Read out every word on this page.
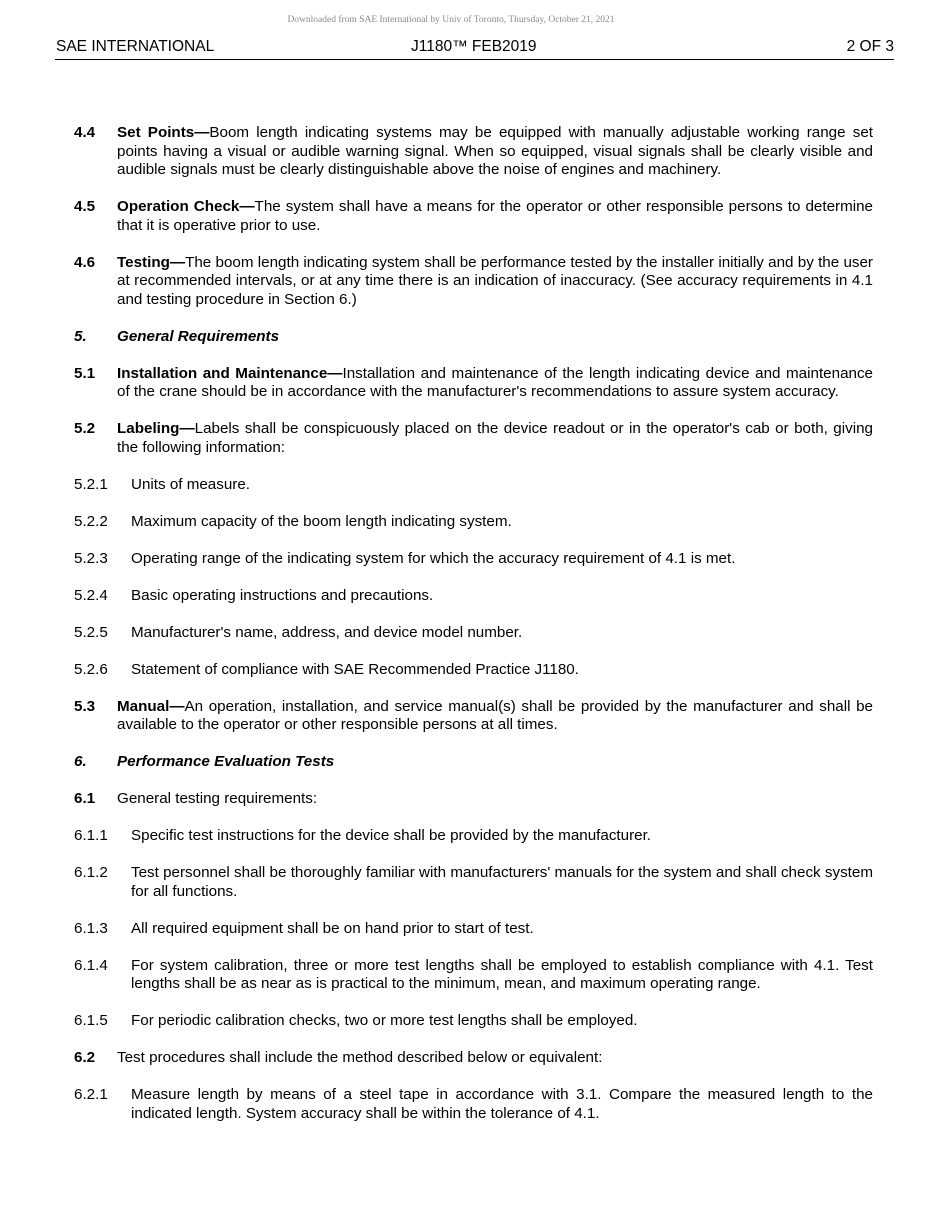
Downloaded from SAE International by Univ of Toronto, Thursday, October 21, 2021
SAE INTERNATIONAL	J1180™ FEB2019	2 OF 3
4.4	Set Points—Boom length indicating systems may be equipped with manually adjustable working range set points having a visual or audible warning signal. When so equipped, visual signals shall be clearly visible and audible signals must be clearly distinguishable above the noise of engines and machinery.
4.5	Operation Check—The system shall have a means for the operator or other responsible persons to determine that it is operative prior to use.
4.6	Testing—The boom length indicating system shall be performance tested by the installer initially and by the user at recommended intervals, or at any time there is an indication of inaccuracy. (See accuracy requirements in 4.1 and testing procedure in Section 6.)
5.	General Requirements
5.1	Installation and Maintenance—Installation and maintenance of the length indicating device and maintenance of the crane should be in accordance with the manufacturer's recommendations to assure system accuracy.
5.2	Labeling—Labels shall be conspicuously placed on the device readout or in the operator's cab or both, giving the following information:
5.2.1	Units of measure.
5.2.2	Maximum capacity of the boom length indicating system.
5.2.3	Operating range of the indicating system for which the accuracy requirement of 4.1 is met.
5.2.4	Basic operating instructions and precautions.
5.2.5	Manufacturer's name, address, and device model number.
5.2.6	Statement of compliance with SAE Recommended Practice J1180.
5.3	Manual—An operation, installation, and service manual(s) shall be provided by the manufacturer and shall be available to the operator or other responsible persons at all times.
6.	Performance Evaluation Tests
6.1	General testing requirements:
6.1.1	Specific test instructions for the device shall be provided by the manufacturer.
6.1.2	Test personnel shall be thoroughly familiar with manufacturers' manuals for the system and shall check system for all functions.
6.1.3	All required equipment shall be on hand prior to start of test.
6.1.4	For system calibration, three or more test lengths shall be employed to establish compliance with 4.1. Test lengths shall be as near as is practical to the minimum, mean, and maximum operating range.
6.1.5	For periodic calibration checks, two or more test lengths shall be employed.
6.2	Test procedures shall include the method described below or equivalent:
6.2.1	Measure length by means of a steel tape in accordance with 3.1. Compare the measured length to the indicated length. System accuracy shall be within the tolerance of 4.1.
